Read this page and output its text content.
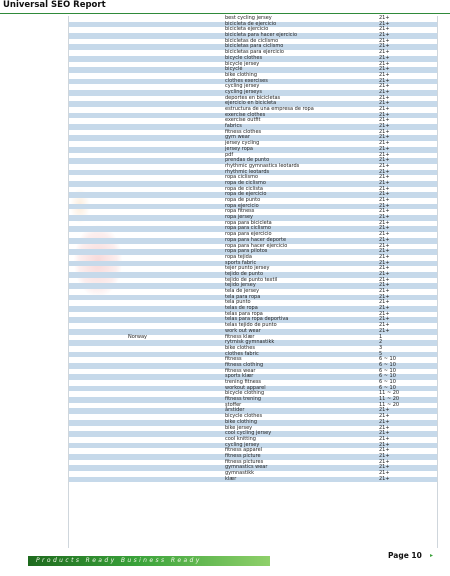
Universal SEO Report
best cycling jersey	21+
bicicleta de ejercicio	21+
bicicleta ejercicio	21+
bicicleta para hacer ejercicio	21+
bicicletas de ciclismo	21+
bicicletas para ciclismo	21+
bicicletas para ejercicio	21+
bicycle clothes	21+
bicycle jersey	21+
bicyclé	21+
bike clothing	21+
clothes exercises	21+
cycling jersey	21+
cycling jerseys	21+
deportes en bicicletas	21+
ejercicio en bicicleta	21+
estructura de una empresa de ropa	21+
exercise clothes	21+
exercise outfit	21+
fabrics	21+
fitness clothes	21+
gym wear	21+
jersey cycling	21+
jersey ropa	21+
pdf	21+
prendas de punto	21+
rhythmic gymnastics leotards	21+
rhythmic leotards	21+
ropa ciclismo	21+
ropa de ciclismo	21+
ropa de ciclista	21+
ropa de ejercicio	21+
ropa de punto	21+
ropa ejercicio	21+
ropa fitness	21+
ropa jersey	21+
ropa para bicicleta	21+
ropa para ciclismo	21+
ropa para ejercicio	21+
ropa para hacer deporte	21+
ropa para hacer ejercicio	21+
ropa para pilotos	21+
ropa tejida	21+
sports fabric	21+
tejer punto jersey	21+
tejido de punto	21+
tejido de punto textil	21+
tejido jersey	21+
tela de jersey	21+
tela para ropa	21+
tela punto	21+
telas de ropa	21+
telas para ropa	21+
telas para ropa deportiva	21+
telas tejido de punto	21+
work out wear	21+
Norway	fitness klær	1
rytmisk gymnastikk	2
bike clothes	3
clothes fabric	5
fitness	6 ~ 10
fitness clothing	6 ~ 10
fitness wear	6 ~ 10
sports klær	6 ~ 10
trening fitness	6 ~ 10
workout apparel	6 ~ 10
bicycle clothing	11 ~ 20
fitness trening	11 ~ 20
stoffer	11 ~ 20
årstider	21+
bicycle clothes	21+
bike clothing	21+
bike jersey	21+
cool cycling jersey	21+
cool knitting	21+
cycling jersey	21+
fitness apparel	21+
fitness picture	21+
fitness pictures	21+
gymnastics wear	21+
gymnastikk	21+
klær	21+
Products Ready Business Ready
Page 10 ▸
